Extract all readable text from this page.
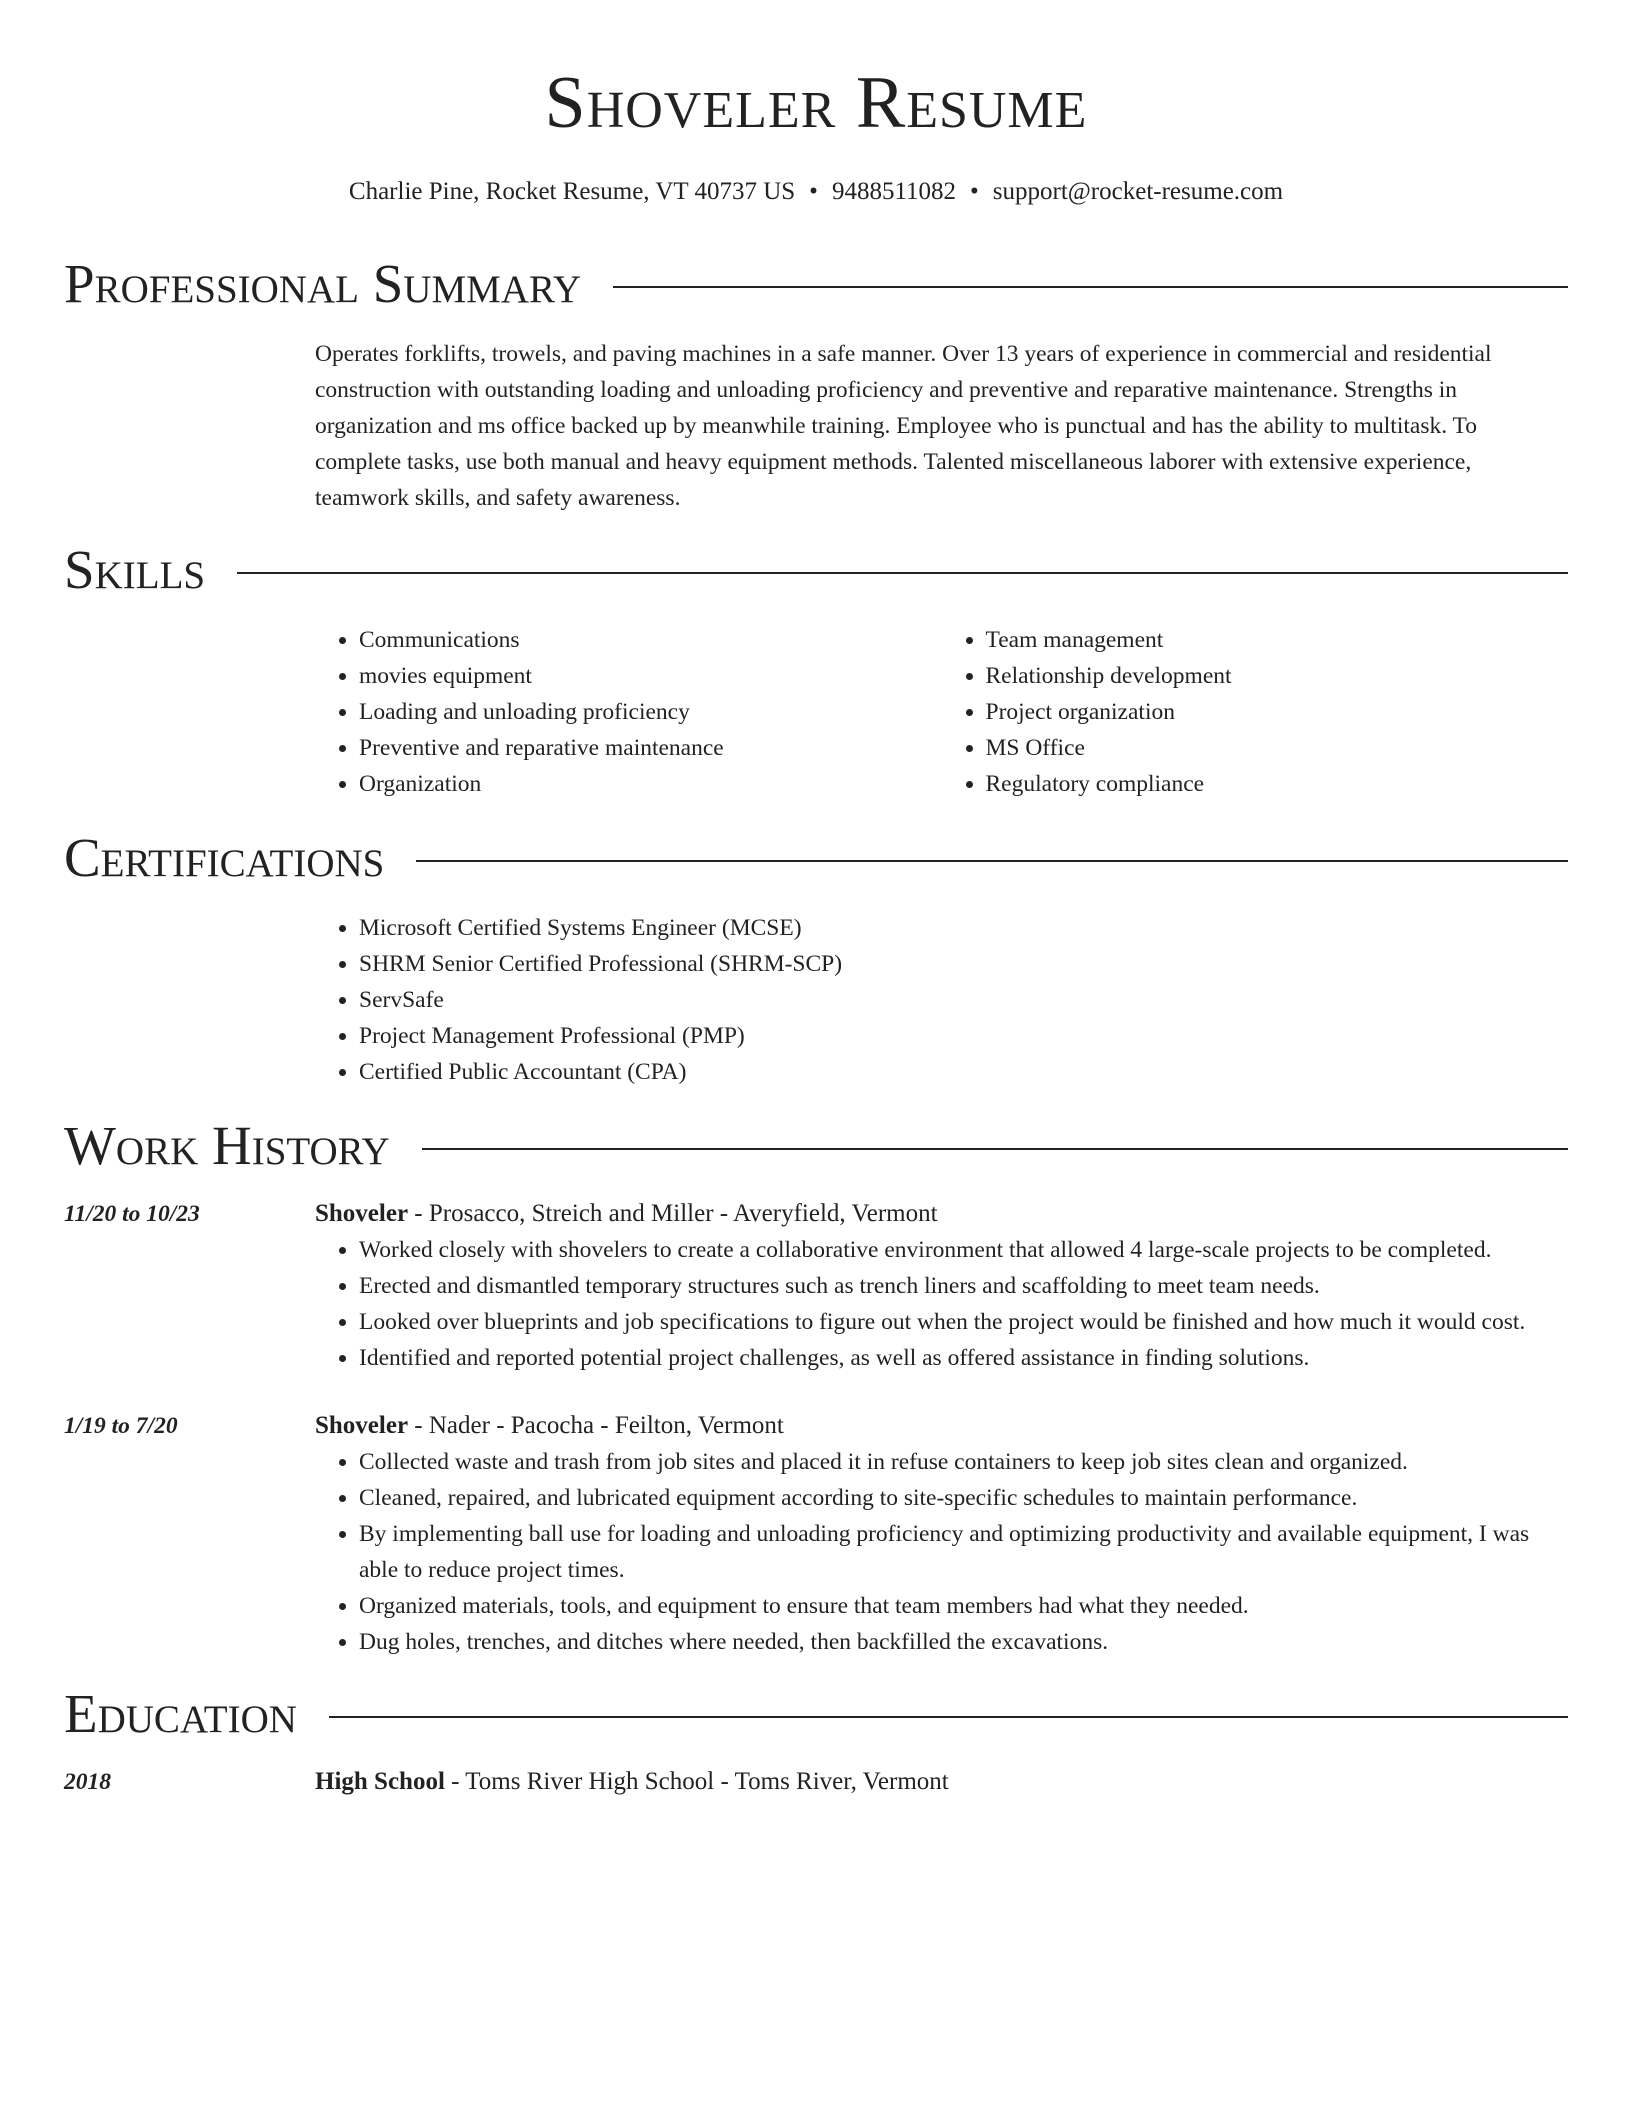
Shoveler Resume
Charlie Pine, Rocket Resume, VT 40737 US • 9488511082 • support@rocket-resume.com
Professional Summary
Operates forklifts, trowels, and paving machines in a safe manner. Over 13 years of experience in commercial and residential construction with outstanding loading and unloading proficiency and preventive and reparative maintenance. Strengths in organization and ms office backed up by meanwhile training. Employee who is punctual and has the ability to multitask. To complete tasks, use both manual and heavy equipment methods. Talented miscellaneous laborer with extensive experience, teamwork skills, and safety awareness.
Skills
• Communications
• movies equipment
• Loading and unloading proficiency
• Preventive and reparative maintenance
• Organization
• Team management
• Relationship development
• Project organization
• MS Office
• Regulatory compliance
Certifications
• Microsoft Certified Systems Engineer (MCSE)
• SHRM Senior Certified Professional (SHRM-SCP)
• ServSafe
• Project Management Professional (PMP)
• Certified Public Accountant (CPA)
Work History
11/20 to 10/23	Shoveler - Prosacco, Streich and Miller - Averyfield, Vermont
• Worked closely with shovelers to create a collaborative environment that allowed 4 large-scale projects to be completed.
• Erected and dismantled temporary structures such as trench liners and scaffolding to meet team needs.
• Looked over blueprints and job specifications to figure out when the project would be finished and how much it would cost.
• Identified and reported potential project challenges, as well as offered assistance in finding solutions.
1/19 to 7/20	Shoveler - Nader - Pacocha - Feilton, Vermont
• Collected waste and trash from job sites and placed it in refuse containers to keep job sites clean and organized.
• Cleaned, repaired, and lubricated equipment according to site-specific schedules to maintain performance.
• By implementing ball use for loading and unloading proficiency and optimizing productivity and available equipment, I was able to reduce project times.
• Organized materials, tools, and equipment to ensure that team members had what they needed.
• Dug holes, trenches, and ditches where needed, then backfilled the excavations.
Education
2018	High School - Toms River High School - Toms River, Vermont
